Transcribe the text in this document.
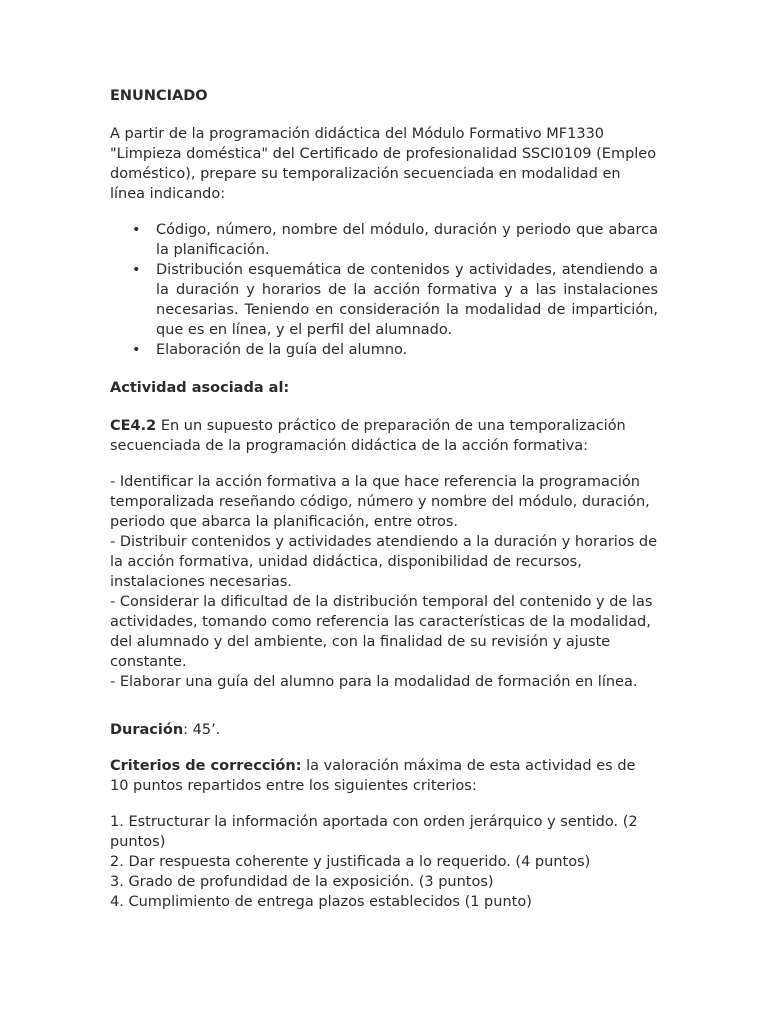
ENUNCIADO

A partir de la programación didáctica del Módulo Formativo MF1330 "Limpieza doméstica" del Certificado de profesionalidad SSCI0109 (Empleo doméstico), prepare su temporalización secuenciada en modalidad en línea indicando:

• Código, número, nombre del módulo, duración y periodo que abarca la planificación.
• Distribución esquemática de contenidos y actividades, atendiendo a la duración y horarios de la acción formativa y a las instalaciones necesarias. Teniendo en consideración la modalidad de impartición, que es en línea, y el perfil del alumnado.
• Elaboración de la guía del alumno.
Actividad asociada al:

CE4.2 En un supuesto práctico de preparación de una temporalización secuenciada de la programación didáctica de la acción formativa:

- Identificar la acción formativa a la que hace referencia la programación temporalizada reseñando código, número y nombre del módulo, duración, periodo que abarca la planificación, entre otros.
- Distribuir contenidos y actividades atendiendo a la duración y horarios de la acción formativa, unidad didáctica, disponibilidad de recursos, instalaciones necesarias.
- Considerar la dificultad de la distribución temporal del contenido y de las actividades, tomando como referencia las características de la modalidad, del alumnado y del ambiente, con la finalidad de su revisión y ajuste constante.
- Elaborar una guía del alumno para la modalidad de formación en línea.

Duración: 45’.

Criterios de corrección: la valoración máxima de esta actividad es de 10 puntos repartidos entre los siguientes criterios:

1. Estructurar la información aportada con orden jerárquico y sentido. (2 puntos)
2. Dar respuesta coherente y justificada a lo requerido. (4 puntos)
3. Grado de profundidad de la exposición. (3 puntos)
4. Cumplimiento de entrega plazos establecidos (1 punto)
